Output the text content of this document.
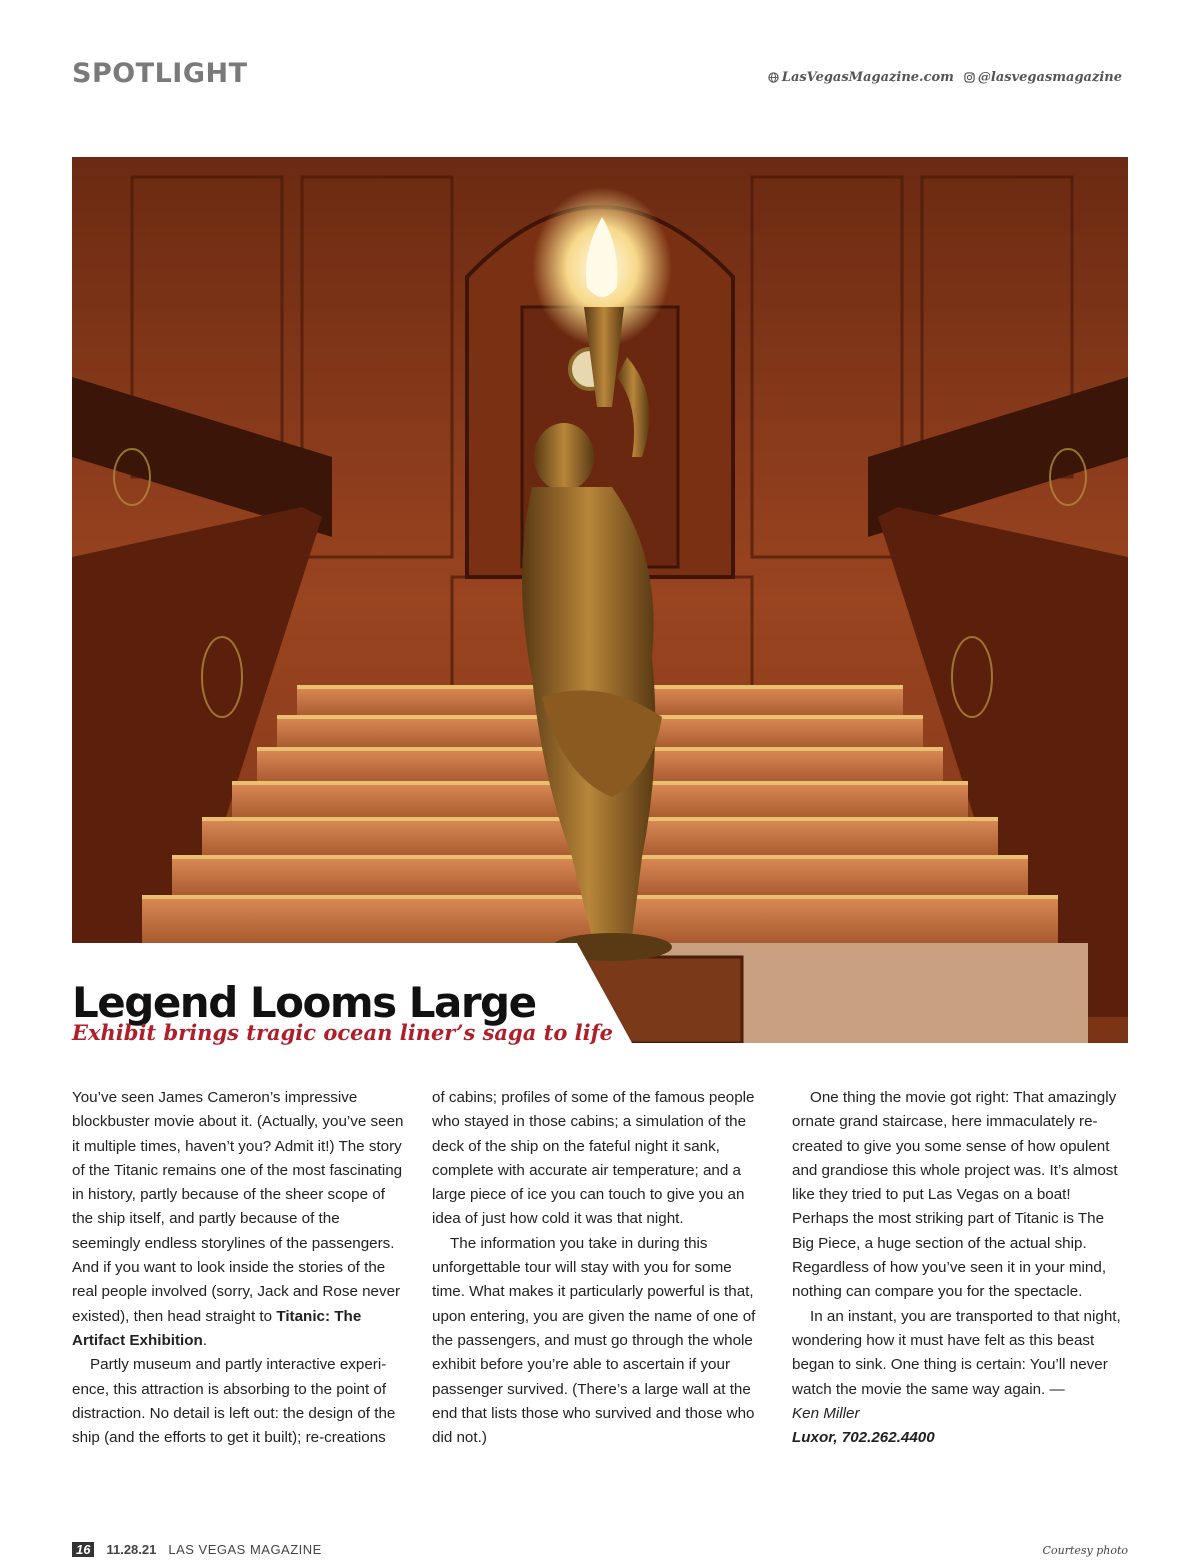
SPOTLIGHT	LasVegasMagazine.com @lasvegasmagazine
Legend Looms Large
Exhibit brings tragic ocean liner’s saga to life

You’ve seen James Cameron’s impressive blockbuster movie about it. (Actually, you’ve seen it multiple times, haven’t you? Admit it!) The story of the Titanic remains one of the most fascinating in history, partly because of the sheer scope of the ship itself, and partly because of the seemingly endless storylines of the passengers. And if you want to look inside the stories of the real people involved (sorry, Jack and Rose never existed), then head straight to Titanic: The Artifact Exhibition.

Partly museum and partly interactive experience, this attraction is absorbing to the point of distraction. No detail is left out: the design of the ship (and the efforts to get it built); re-creations

of cabins; profiles of some of the famous people who stayed in those cabins; a simulation of the deck of the ship on the fateful night it sank, complete with accurate air temperature; and a large piece of ice you can touch to give you an idea of just how cold it was that night.

The information you take in during this unforgettable tour will stay with you for some time. What makes it particularly powerful is that, upon entering, you are given the name of one of the passengers, and must go through the whole exhibit before you’re able to ascertain if your passenger survived. (There’s a large wall at the end that lists those who survived and those who did not.)

One thing the movie got right: That amazingly ornate grand staircase, here immaculately re-created to give you some sense of how opulent and grandiose this whole project was. It’s almost like they tried to put Las Vegas on a boat! Perhaps the most striking part of Titanic is The Big Piece, a huge section of the actual ship. Regardless of how you’ve seen it in your mind, nothing can compare you for the spectacle.

In an instant, you are transported to that night, wondering how it must have felt as this beast began to sink. One thing is certain: You’ll never watch the movie the same way again. —

Ken Miller

Luxor, 702.262.4400

16	11.28.21 LAS VEGAS MAGAZINE	Courtesy photo
